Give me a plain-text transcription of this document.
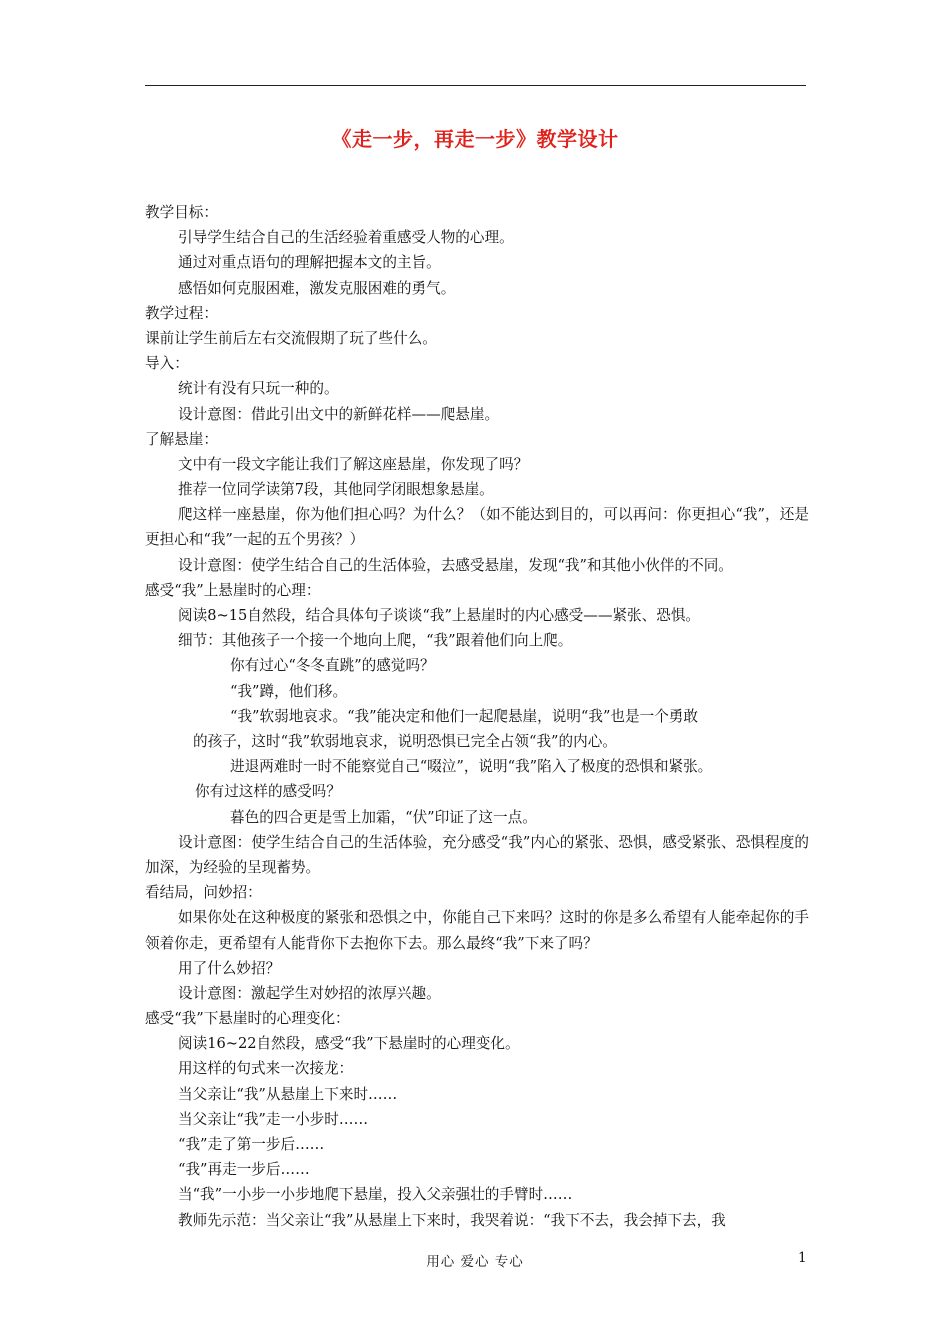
《走一步，再走一步》教学设计
教学目标：
引导学生结合自己的生活经验着重感受人物的心理。
通过对重点语句的理解把握本文的主旨。
感悟如何克服困难，激发克服困难的勇气。
教学过程：
课前让学生前后左右交流假期了玩了些什么。
导入：
统计有没有只玩一种的。
设计意图：借此引出文中的新鲜花样——爬悬崖。
了解悬崖：
文中有一段文字能让我们了解这座悬崖，你发现了吗？
推荐一位同学读第7段，其他同学闭眼想象悬崖。
爬这样一座悬崖，你为他们担心吗？为什么？（如不能达到目的，可以再问：你更担心“我”，还是更担心和“我”一起的五个男孩？）
设计意图：使学生结合自己的生活体验，去感受悬崖，发现“我”和其他小伙伴的不同。
感受“我”上悬崖时的心理：
阅读8~15自然段，结合具体句子谈谈“我”上悬崖时的内心感受——紧张、恐惧。
细节：其他孩子一个接一个地向上爬，“我”跟着他们向上爬。
你有过心“冬冬直跳”的感觉吗？
“我”蹲，他们移。
“我”软弱地哀求。“我”能决定和他们一起爬悬崖，说明“我”也是一个勇敢
的孩子，这时“我”软弱地哀求，说明恐惧已完全占领“我”的内心。
进退两难时一时不能察觉自己“啜泣”，说明“我”陷入了极度的恐惧和紧张。
你有过这样的感受吗？
暮色的四合更是雪上加霜，“伏”印证了这一点。
设计意图：使学生结合自己的生活体验，充分感受“我”内心的紧张、恐惧，感受紧张、恐惧程度的加深，为经验的呈现蓄势。
看结局，问妙招：
如果你处在这种极度的紧张和恐惧之中，你能自己下来吗？这时的你是多么希望有人能牵起你的手领着你走，更希望有人能背你下去抱你下去。那么最终“我”下来了吗？
用了什么妙招？
设计意图：激起学生对妙招的浓厚兴趣。
感受“我”下悬崖时的心理变化：
阅读16~22自然段，感受“我”下悬崖时的心理变化。
用这样的句式来一次接龙：
当父亲让“我”从悬崖上下来时……
当父亲让“我”走一小步时……
“我”走了第一步后……
“我”再走一步后……
当“我”一小步一小步地爬下悬崖，投入父亲强壮的手臂时……
教师先示范：当父亲让“我”从悬崖上下来时，我哭着说：“我下不去，我会掉下去，我
用心 爱心 专心	1
